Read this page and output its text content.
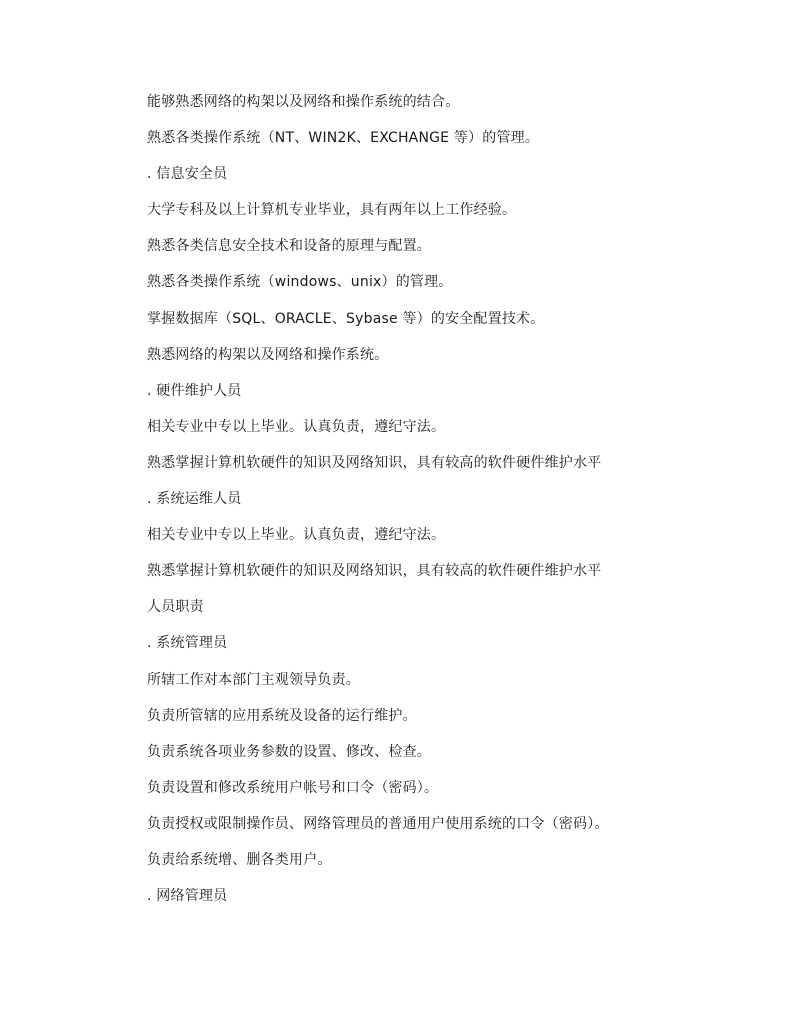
能够熟悉网络的构架以及网络和操作系统的结合。
熟悉各类操作系统（NT、WIN2K、EXCHANGE 等）的管理。
. 信息安全员
大学专科及以上计算机专业毕业，具有两年以上工作经验。
熟悉各类信息安全技术和设备的原理与配置。
熟悉各类操作系统（windows、unix）的管理。
掌握数据库（SQL、ORACLE、Sybase 等）的安全配置技术。
熟悉网络的构架以及网络和操作系统。
. 硬件维护人员
相关专业中专以上毕业。认真负责，遵纪守法。
熟悉掌握计算机软硬件的知识及网络知识，具有较高的软件硬件维护水平
. 系统运维人员
相关专业中专以上毕业。认真负责，遵纪守法。
熟悉掌握计算机软硬件的知识及网络知识，具有较高的软件硬件维护水平
人员职责
. 系统管理员
所辖工作对本部门主观领导负责。
负责所管辖的应用系统及设备的运行维护。
负责系统各项业务参数的设置、修改、检查。
负责设置和修改系统用户帐号和口令（密码）。
负责授权或限制操作员、网络管理员的普通用户使用系统的口令（密码）。
负责给系统增、删各类用户。
. 网络管理员
